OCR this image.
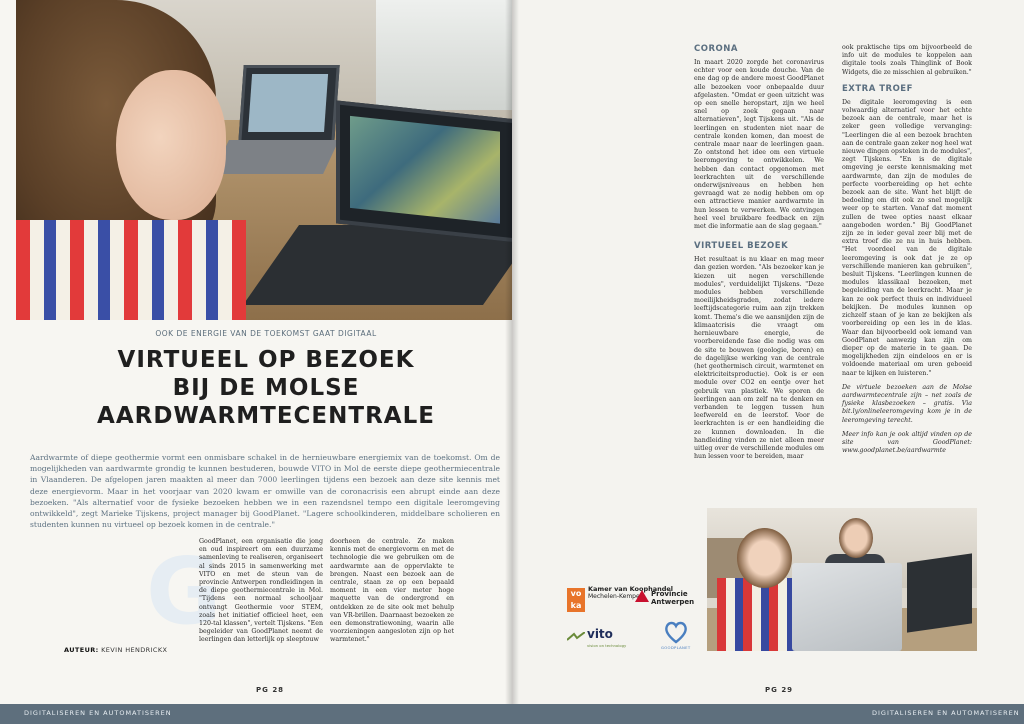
OOK DE ENERGIE VAN DE TOEKOMST GAAT DIGITAAL
VIRTUEEL OP BEZOEK
BIJ DE MOLSE
AARDWARMTECENTRALE

Aardwarmte of diepe geothermie vormt een onmisbare schakel in de hernieuwbare energiemix van de toekomst. Om de mogelijkheden van aardwarmte grondig te kunnen bestuderen, bouwde VITO in Mol de eerste diepe geothermiecentrale in Vlaanderen. De afgelopen jaren maakten al meer dan 7000 leerlingen tijdens een bezoek aan deze site kennis met deze energievorm. Maar in het voorjaar van 2020 kwam er omwille van de coronacrisis een abrupt einde aan deze bezoeken. "Als alternatief voor de fysieke bezoeken hebben we in een razendsnel tempo een digitale leeromgeving ontwikkeld", zegt Marieke Tijskens, project manager bij GoodPlanet. "Lagere schoolkinderen, middelbare scholieren en studenten kunnen nu virtueel op bezoek komen in de centrale."

G

GoodPlanet, een organisatie die jong en oud inspireert om een duurzame samenleving te realiseren, organiseert al sinds 2015 in samenwerking met VITO en met de steun van de provincie Antwerpen rondleidingen in de diepe geothermiecentrale in Mol. "Tijdens een normaal schooljaar ontvangt Geothermie voor STEM, zoals het initiatief officieel heet, een 120-tal klassen", vertelt Tijskens. "Een begeleider van GoodPlanet neemt de leerlingen dan letterlijk op sleeptouw

doorheen de centrale. Ze maken kennis met de energievorm en met de technologie die we gebruiken om de aardwarmte aan de oppervlakte te brengen. Naast een bezoek aan de centrale, staan ze op een bepaald moment in een vier meter hoge maquette van de ondergrond en ontdekken ze de site ook met behulp van VR-brillen. Daarnaast bezoeken ze een demonstratiewoning, waarin alle voorzieningen aangesloten zijn op het warmtenet."

AUTEUR: KEVIN HENDRICKX
CORONA

In maart 2020 zorgde het coronavirus echter voor een koude douche. Van de ene dag op de andere moest GoodPlanet alle bezoeken voor onbepaalde duur afgelasten. "Omdat er geen uitzicht was op een snelle heropstart, zijn we heel snel op zoek gegaan naar alternatieven", legt Tijskens uit. "Als de leerlingen en studenten niet naar de centrale konden komen, dan moest de centrale maar naar de leerlingen gaan. Zo ontstond het idee om een virtuele leeromgeving te ontwikkelen. We hebben dan contact opgenomen met leerkrachten uit de verschillende onderwijsniveaus en hebben hen gevraagd wat ze nodig hebben om op een attractieve manier aardwarmte in hun lessen te verwerken. We ontvingen heel veel bruikbare feedback en zijn met die informatie aan de slag gegaan."

VIRTUEEL BEZOEK

Het resultaat is nu klaar en mag meer dan gezien worden. "Als bezoeker kan je kiezen uit negen verschillende modules", verduidelijkt Tijskens. "Deze modules hebben verschillende moeilijkheidsgraden, zodat iedere leeftijdscategorie ruim aan zijn trekken komt. Thema's die we aansnijden zijn de klimaatcrisis die vraagt om hernieuwbare energie, de voorbereidende fase die nodig was om de site te bouwen (geologie, boren) en de dagelijkse werking van de centrale (het geothermisch circuit, warmtenet en elektriciteitsproductie). Ook is er een module over CO2 en eentje over het gebruik van plastiek. We sporen de leerlingen aan om zelf na te denken en verbanden te leggen tussen hun leefwereld en de leerstof. Voor de leerkrachten is er een handleiding die ze kunnen downloaden. In die handleiding vinden ze niet alleen meer uitleg over de verschillende modules om hun lessen voor te bereiden, maar

ook praktische tips om bijvoorbeeld de info uit de modules te koppelen aan digitale tools zoals Thinglink of Book Widgets, die ze misschien al gebruiken."

EXTRA TROEF

De digitale leeromgeving is een volwaardig alternatief voor het echte bezoek aan de centrale, maar het is zeker geen volledige vervanging: "Leerlingen die al een bezoek brachten aan de centrale gaan zeker nog heel wat nieuwe dingen opsteken in de modules", zegt Tijskens. "En is de digitale omgeving je eerste kennismaking met aardwarmte, dan zijn de modules de perfecte voorbereiding op het echte bezoek aan de site. Want het blijft de bedoeling om dit ook zo snel mogelijk weer op te starten. Vanaf dat moment zullen de twee opties naast elkaar aangeboden worden." Bij GoodPlanet zijn ze in ieder geval zeer blij met de extra troef die ze nu in huis hebben. "Het voordeel van de digitale leeromgeving is ook dat je ze op verschillende manieren kan gebruiken", besluit Tijskens. "Leerlingen kunnen de modules klassikaal bezoeken, met begeleiding van de leerkracht. Maar je kan ze ook perfect thuis en individueel bekijken. De modules kunnen op zichzelf staan of je kan ze bekijken als voorbereiding op een les in de klas. Waar dan bijvoorbeeld ook iemand van GoodPlanet aanwezig kan zijn om dieper op de materie in te gaan. De mogelijkheden zijn eindeloos en er is voldoende materiaal om uren geboeid naar te kijken en luisteren."

De virtuele bezoeken aan de Molse aardwarmtecentrale zijn – net zoals de fysieke klasbezoeken – gratis. Via bit.ly/onlineleeromgeving kom je in de leeromgeving terecht.

Meer info kan je ook altijd vinden op de site van GoodPlanet: www.goodplanet.be/aardwarmte

vo ka
Kamer van Koophandel
Mechelen-Kempen	Provincie Antwerpen
vito
vision on technology	GOODPLANET
PG 28	PG 29
DIGITALISEREN EN AUTOMATISEREN	DIGITALISEREN EN AUTOMATISEREN
